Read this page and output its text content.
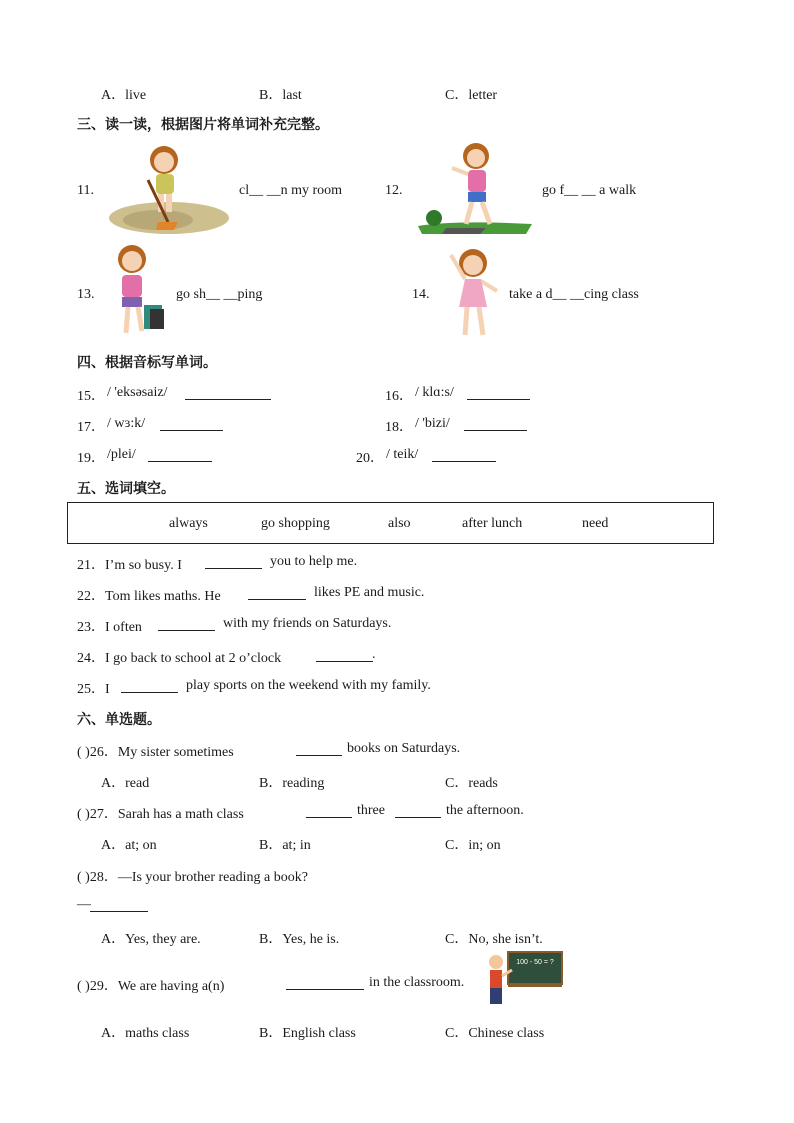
A．live	B．last	C．letter
三、读一读，根据图片将单词补充完整。
11.	cl__ __n my room	12.	go f__ __ a walk
13.	go sh__ __ping	14.	take a d__ __cing class
四、根据音标写单词。
15． / 'eksəsaiz/	16． / klɑ:s/
17． / wɜ:k/	18． / 'bizi/
19． /plei/	20． / teik/
五、选词填空。
always	go shopping	also	after lunch	need
21．I’m so busy. I	you to help me.
22．Tom likes maths. He	likes PE and music.
23．I often	with my friends on Saturdays.
24．I go back to school at 2 o’clock	.
25．I	play sports on the weekend with my family.
六、单选题。
( )26．My sister sometimes	books on Saturdays.
A．read	B．reading	C．reads
( )27．Sarah has a math class	three	the afternoon.
A．at; on	B．at; in	C．in; on
( )28．—Is your brother reading a book?
—
A．Yes, they are.	B．Yes, he is.	C．No, she isn’t.
( )29．We are having a(n)	in the classroom.
100 - 50 = ?
A．maths class	B．English class	C．Chinese class
